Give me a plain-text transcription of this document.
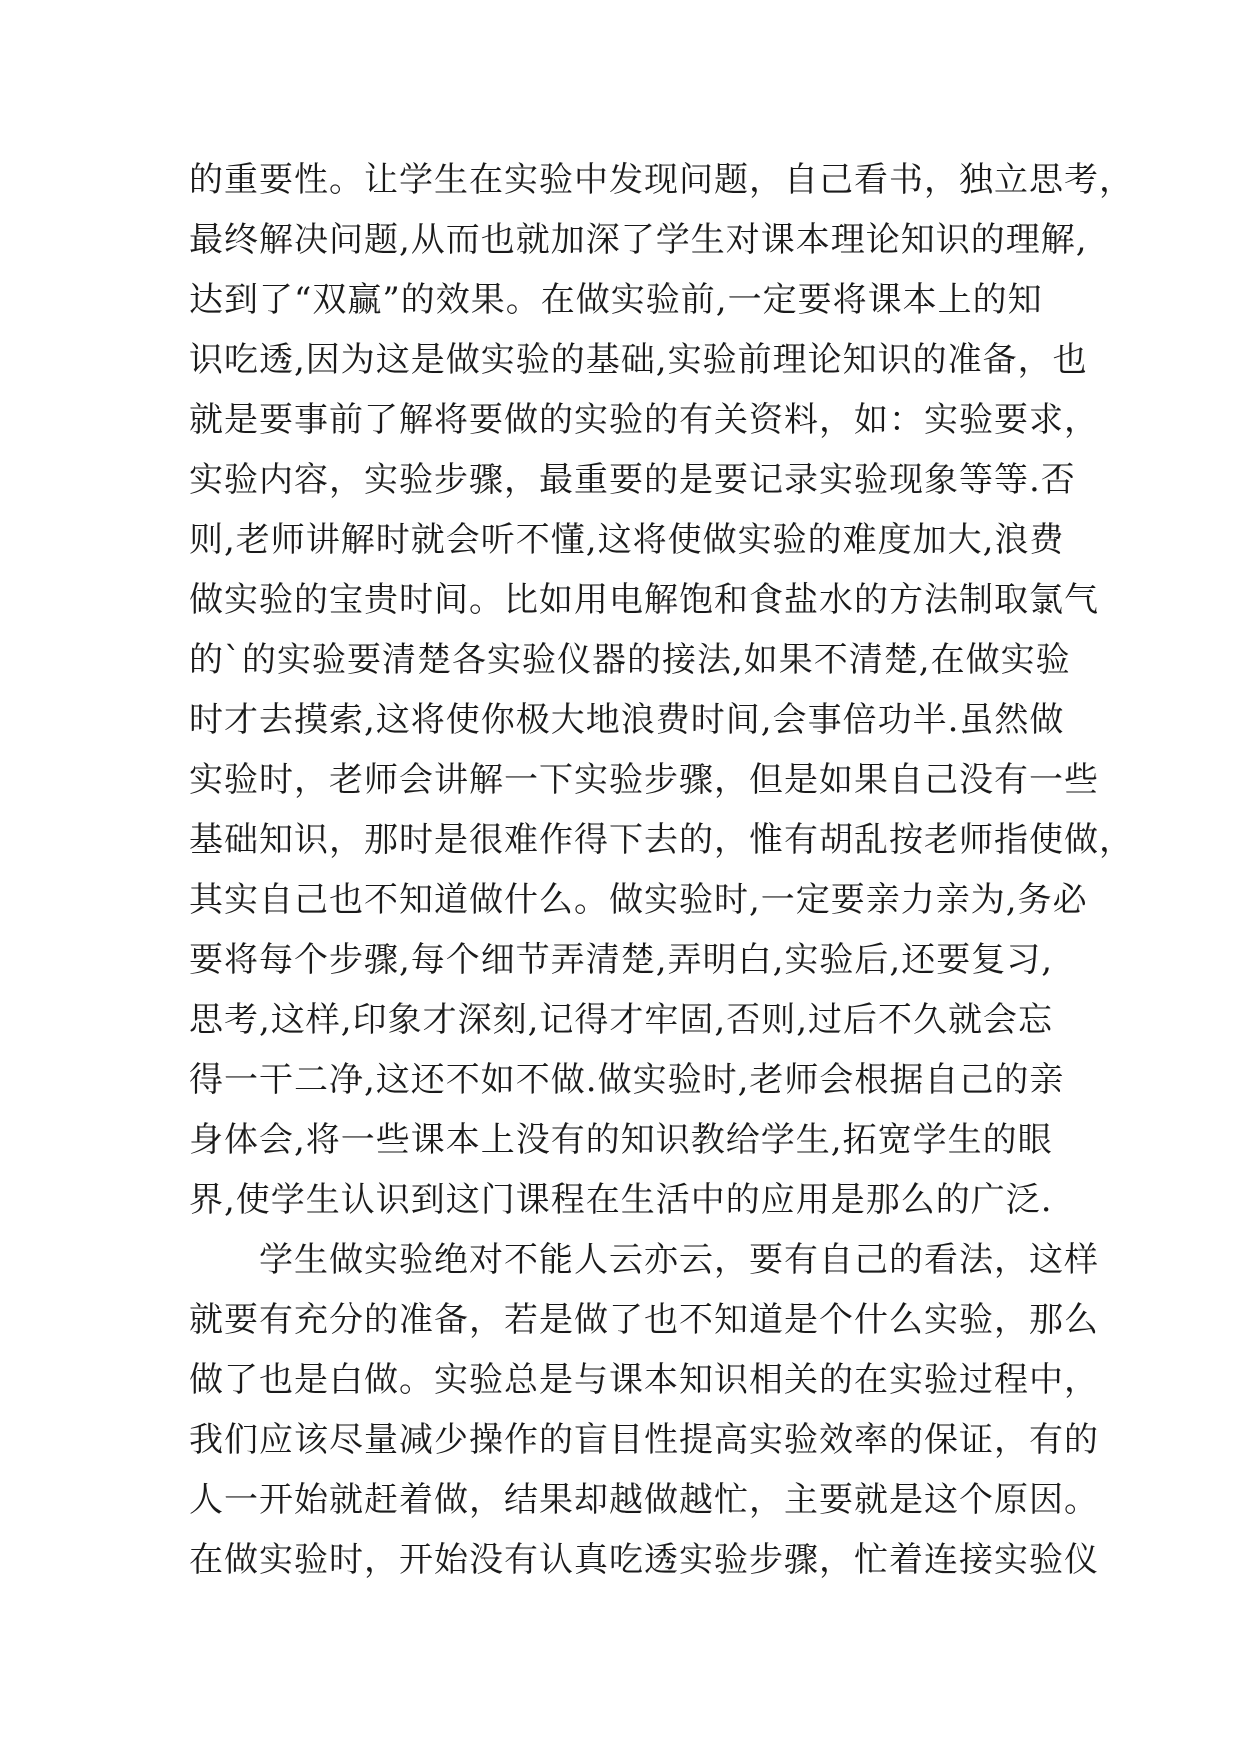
的重要性。让学生在实验中发现问题，自己看书，独立思考，
最终解决问题,从而也就加深了学生对课本理论知识的理解,
达到了“双赢”的效果。在做实验前,一定要将课本上的知
识吃透,因为这是做实验的基础,实验前理论知识的准备，也
就是要事前了解将要做的实验的有关资料，如：实验要求，
实验内容，实验步骤，最重要的是要记录实验现象等等.否
则,老师讲解时就会听不懂,这将使做实验的难度加大,浪费
做实验的宝贵时间。比如用电解饱和食盐水的方法制取氯气
的`的实验要清楚各实验仪器的接法,如果不清楚,在做实验
时才去摸索,这将使你极大地浪费时间,会事倍功半.虽然做
实验时，老师会讲解一下实验步骤，但是如果自己没有一些
基础知识，那时是很难作得下去的，惟有胡乱按老师指使做，
其实自己也不知道做什么。做实验时,一定要亲力亲为,务必
要将每个步骤,每个细节弄清楚,弄明白,实验后,还要复习,
思考,这样,印象才深刻,记得才牢固,否则,过后不久就会忘
得一干二净,这还不如不做.做实验时,老师会根据自己的亲
身体会,将一些课本上没有的知识教给学生,拓宽学生的眼
界,使学生认识到这门课程在生活中的应用是那么的广泛.
　　学生做实验绝对不能人云亦云，要有自己的看法，这样
就要有充分的准备，若是做了也不知道是个什么实验，那么
做了也是白做。实验总是与课本知识相关的在实验过程中，
我们应该尽量减少操作的盲目性提高实验效率的保证，有的
人一开始就赶着做，结果却越做越忙，主要就是这个原因。
在做实验时，开始没有认真吃透实验步骤，忙着连接实验仪
